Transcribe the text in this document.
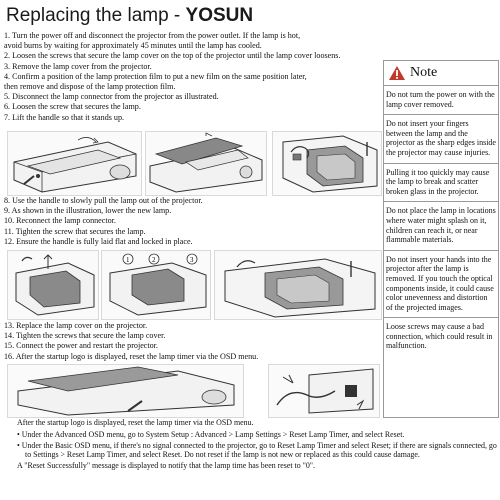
Replacing the lamp - YOSUN
1. Turn the power off and disconnect the projector from the power outlet. If the lamp is hot,
avoid burns by waiting for approximately 45 minutes until the lamp has cooled.
2. Loosen the screws that secure the lamp cover on the top of the projector until the lamp cover loosens.
3. Remove the lamp cover from the projector.
4. Confirm a position of the lamp protection film to put a new film on the same position later,
then remove and dispose of the lamp protection film.
5. Disconnect the lamp connector from the projector as illustrated.
6. Loosen the screw that secures the lamp.
7. Lift the handle so that it stands up.
8. Use the handle to slowly pull the lamp out of the projector.
9. As shown in the illustration, lower the new lamp.
10. Reconnect the lamp connector.
11. Tighten the screw that secures the lamp.
12. Ensure the handle is fully laid flat and locked in place.
1	2	3
13. Replace the lamp cover on the projector.
14. Tighten the screws that secure the lamp cover.
15. Connect the power and restart the projector.
16. After the startup logo is displayed, reset the lamp timer via the OSD menu.
Note

Do not turn the power on with the lamp cover removed.

Do not insert your fingers between the lamp and the projector as the sharp edges inside the projector may cause injuries.

Pulling it too quickly may cause the lamp to break and scatter broken glass in the projector.

Do not place the lamp in locations where water might splash on it, children can reach it, or near flammable materials.

Do not insert your hands into the projector after the lamp is removed. If you touch the optical components inside, it could cause color unevenness and distortion of the projected images.

Loose screws may cause a bad connection, which could result in malfunction.

After the startup logo is displayed, reset the lamp timer via the OSD menu.

• Under the Advanced OSD menu, go to System Setup : Advanced > Lamp Settings > Reset Lamp Timer, and select Reset.
• Under the Basic OSD menu, if there's no signal connected to the projector, go to Reset Lamp Timer and select Reset; if there are signals connected, go to Settings > Reset Lamp Timer, and select Reset. Do not reset if the lamp is not new or replaced as this could cause damage.

A "Reset Successfully" message is displayed to notify that the lamp time has been reset to "0".
